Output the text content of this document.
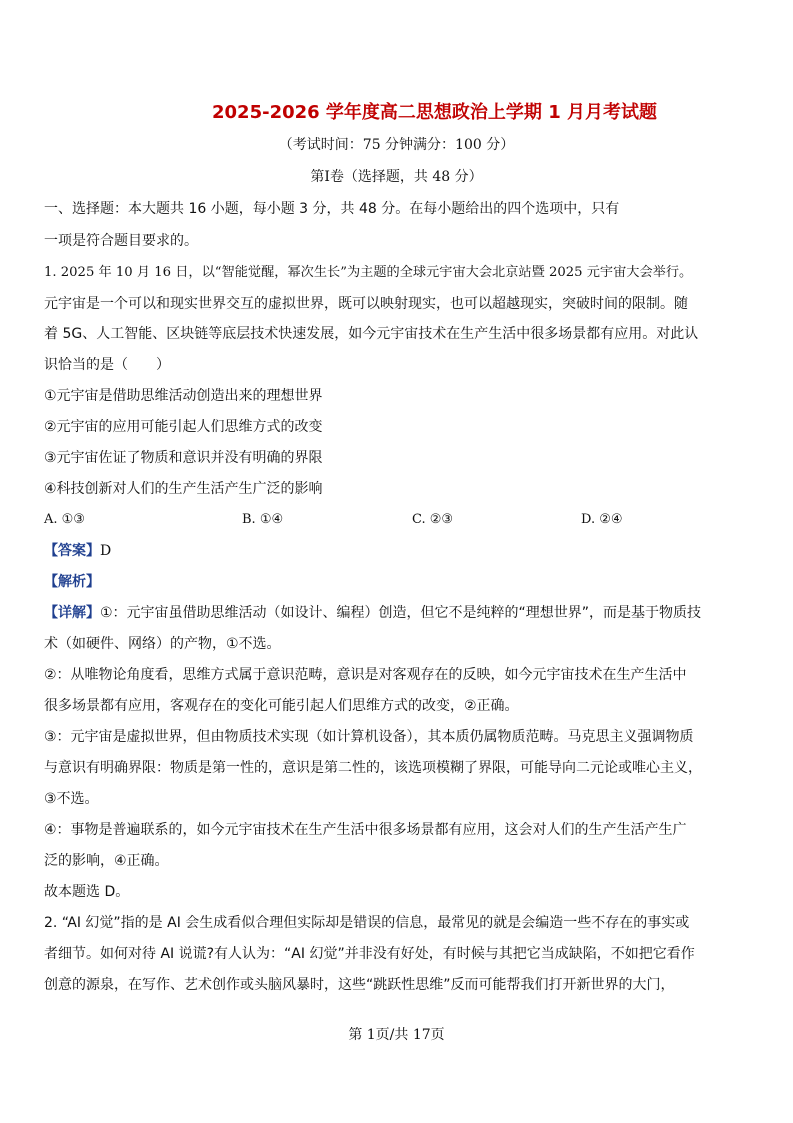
2025-2026 学年度高二思想政治上学期 1 月月考试题
（考试时间：75 分钟满分：100 分）
第Ⅰ卷（选择题，共 48 分）
一、选择题：本大题共 16 小题，每小题 3 分，共 48 分。在每小题给出的四个选项中，只有
一项是符合题目要求的。
1. 2025 年 10 月 16 日，以“智能觉醒，幂次生长”为主题的全球元宇宙大会北京站暨 2025 元宇宙大会举行。
元宇宙是一个可以和现实世界交互的虚拟世界，既可以映射现实，也可以超越现实，突破时间的限制。随
着 5G、人工智能、区块链等底层技术快速发展，如今元宇宙技术在生产生活中很多场景都有应用。对此认
识恰当的是（　　）
①元宇宙是借助思维活动创造出来的理想世界
②元宇宙的应用可能引起人们思维方式的改变
③元宇宙佐证了物质和意识并没有明确的界限
④科技创新对人们的生产生活产生广泛的影响
A. ①③	B. ①④	C. ②③	D. ②④
【答案】D
【解析】
【详解】①：元宇宙虽借助思维活动（如设计、编程）创造，但它不是纯粹的“理想世界”，而是基于物质技
术（如硬件、网络）的产物，①不选。
②：从唯物论角度看，思维方式属于意识范畴，意识是对客观存在的反映，如今元宇宙技术在生产生活中
很多场景都有应用，客观存在的变化可能引起人们思维方式的改变，②正确。
③：元宇宙是虚拟世界，但由物质技术实现（如计算机设备），其本质仍属物质范畴。马克思主义强调物质
与意识有明确界限：物质是第一性的，意识是第二性的，该选项模糊了界限，可能导向二元论或唯心主义，
③不选。
④：事物是普遍联系的，如今元宇宙技术在生产生活中很多场景都有应用，这会对人们的生产生活产生广
泛的影响，④正确。
故本题选 D。
2. “AI 幻觉”指的是 AI 会生成看似合理但实际却是错误的信息，最常见的就是会编造一些不存在的事实或
者细节。如何对待 AI 说谎?有人认为：“AI 幻觉”并非没有好处，有时候与其把它当成缺陷，不如把它看作
创意的源泉，在写作、艺术创作或头脑风暴时，这些“跳跃性思维”反而可能帮我们打开新世界的大门，
第 1页/共 17页
